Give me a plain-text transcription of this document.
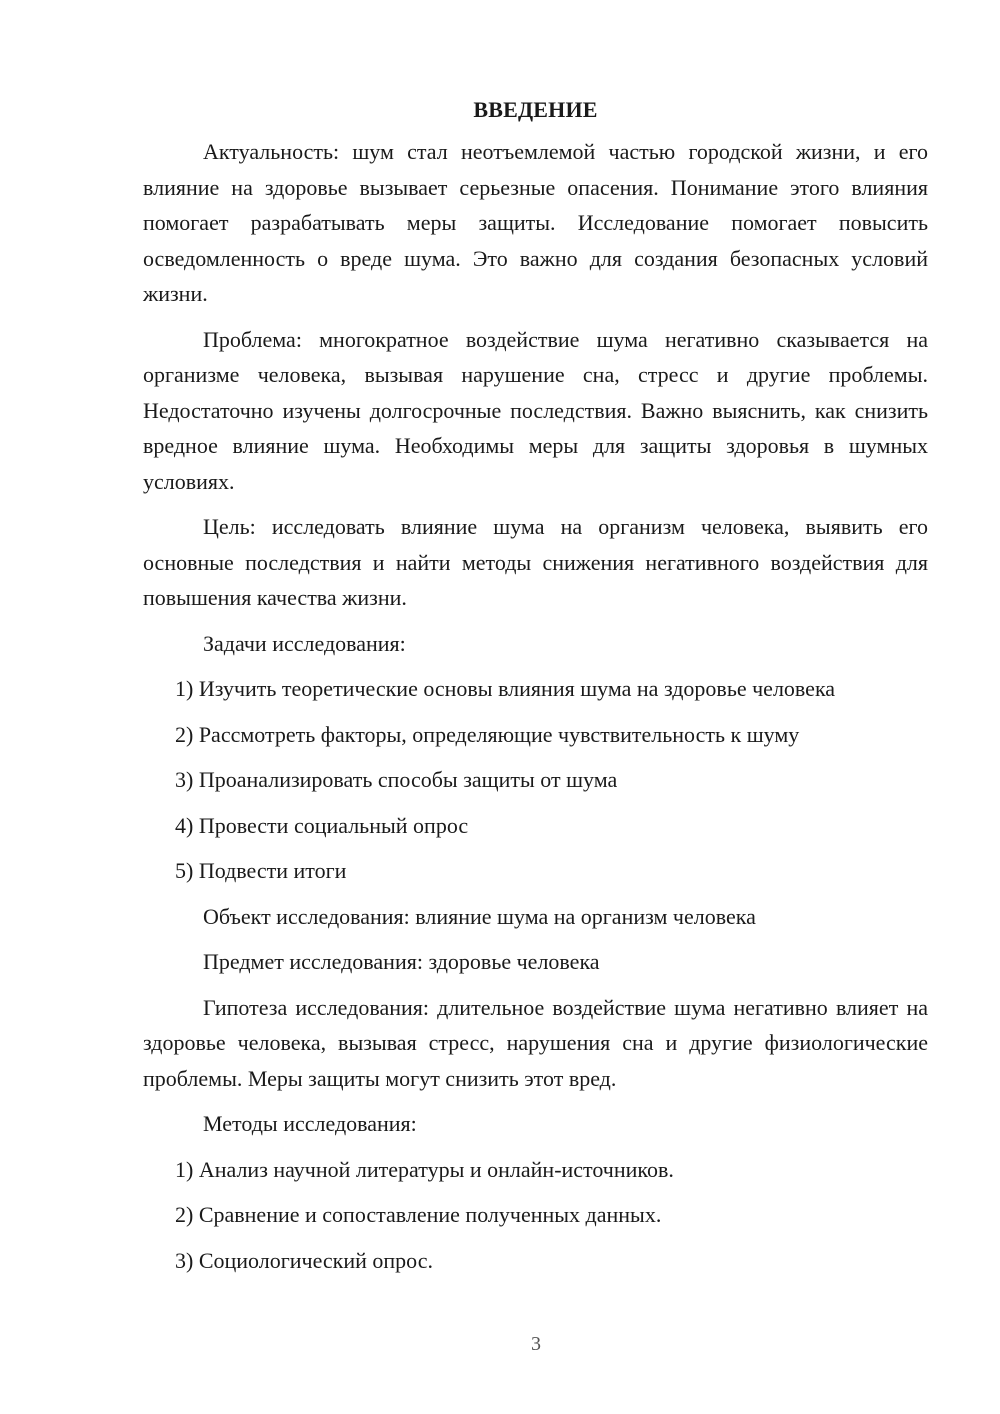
ВВЕДЕНИЕ

Актуальность: шум стал неотъемлемой частью городской жизни, и его влияние на здоровье вызывает серьезные опасения. Понимание этого влияния помогает разрабатывать меры защиты. Исследование помогает повысить осведомленность о вреде шума. Это важно для создания безопасных условий жизни.

Проблема: многократное воздействие шума негативно сказывается на организме человека, вызывая нарушение сна, стресс и другие проблемы. Недостаточно изучены долгосрочные последствия. Важно выяснить, как снизить вредное влияние шума. Необходимы меры для защиты здоровья в шумных условиях.

Цель: исследовать влияние шума на организм человека, выявить его основные последствия и найти методы снижения негативного воздействия для повышения качества жизни.

Задачи исследования:

1) Изучить теоретические основы влияния шума на здоровье человека

2) Рассмотреть факторы, определяющие чувствительность к шуму

3) Проанализировать способы защиты от шума

4) Провести социальный опрос

5) Подвести итоги

Объект исследования: влияние шума на организм человека

Предмет исследования: здоровье человека

Гипотеза исследования: длительное воздействие шума негативно влияет на здоровье человека, вызывая стресс, нарушения сна и другие физиологические проблемы. Меры защиты могут снизить этот вред.

Методы исследования:

1) Анализ научной литературы и онлайн-источников.

2) Сравнение и сопоставление полученных данных.

3) Социологический опрос.

3
